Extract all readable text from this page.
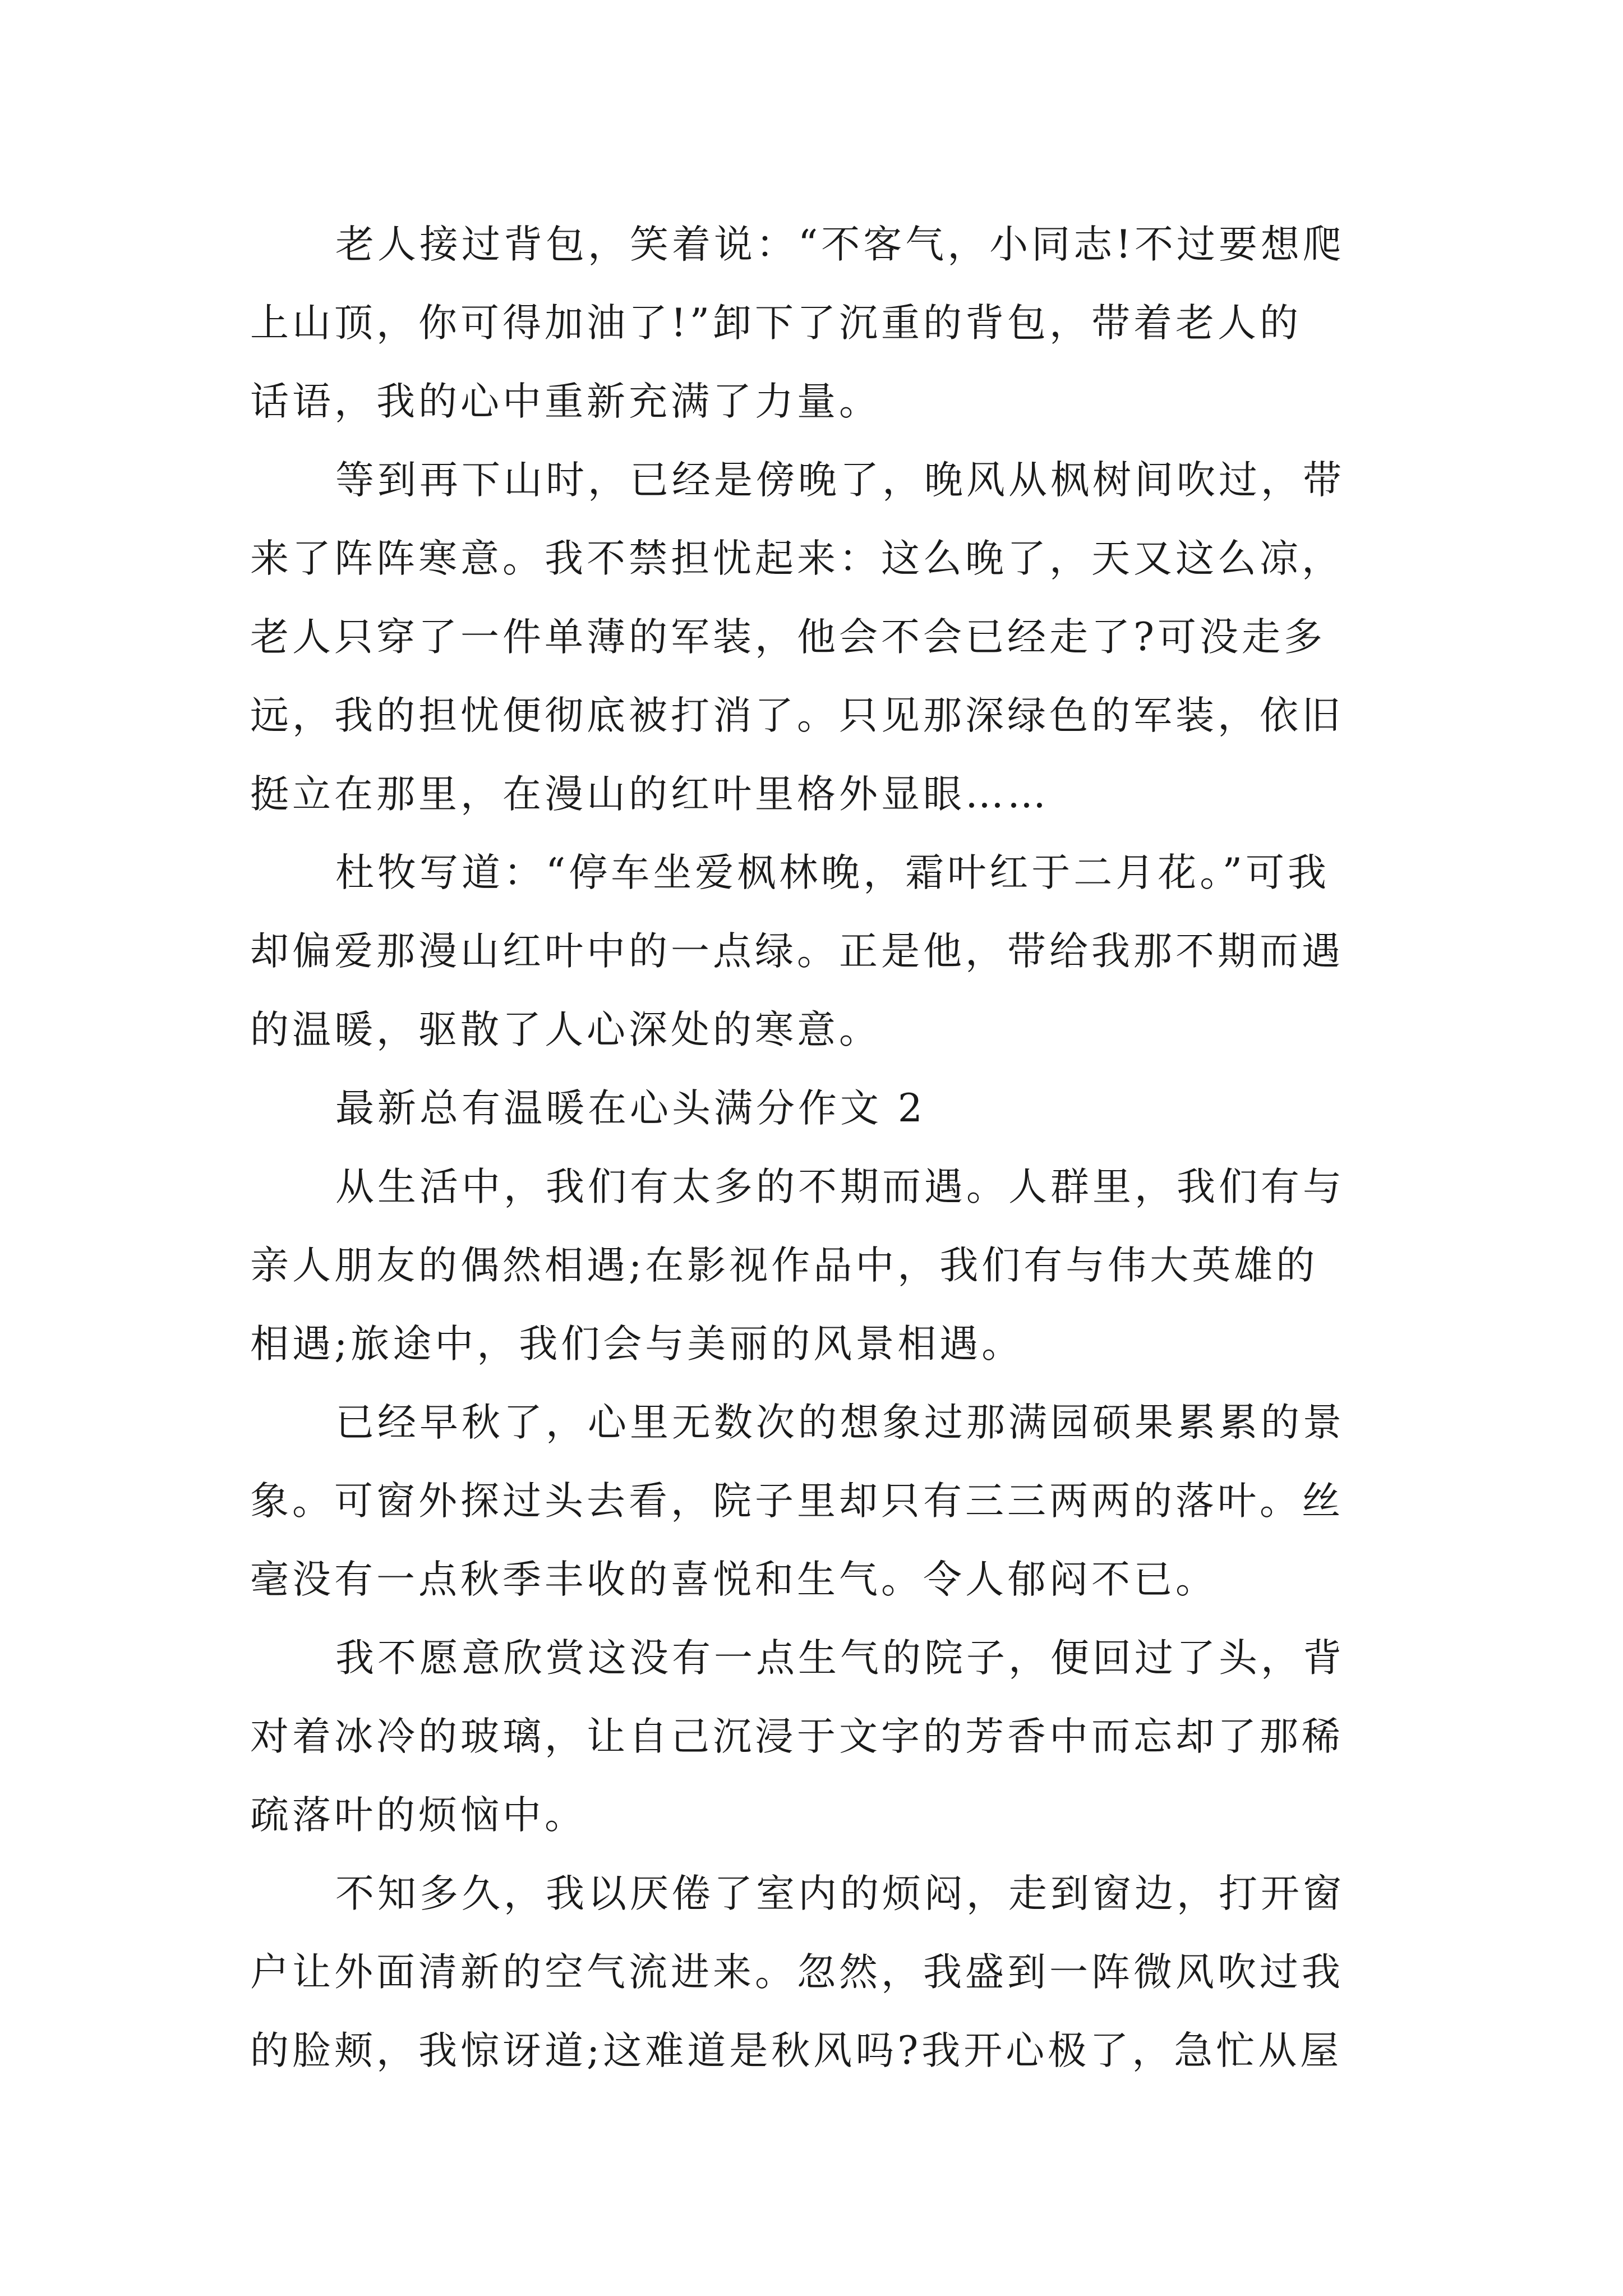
老人接过背包，笑着说：“不客气，小同志!不过要想爬
上山顶，你可得加油了!”卸下了沉重的背包，带着老人的
话语，我的心中重新充满了力量。
等到再下山时，已经是傍晚了，晚风从枫树间吹过，带
来了阵阵寒意。我不禁担忧起来：这么晚了，天又这么凉，
老人只穿了一件单薄的军装，他会不会已经走了?可没走多
远，我的担忧便彻底被打消了。只见那深绿色的军装，依旧
挺立在那里，在漫山的红叶里格外显眼……
杜牧写道：“停车坐爱枫林晚，霜叶红于二月花。”可我
却偏爱那漫山红叶中的一点绿。正是他，带给我那不期而遇
的温暖，驱散了人心深处的寒意。
最新总有温暖在心头满分作文 2
从生活中，我们有太多的不期而遇。人群里，我们有与
亲人朋友的偶然相遇;在影视作品中，我们有与伟大英雄的
相遇;旅途中，我们会与美丽的风景相遇。
已经早秋了，心里无数次的想象过那满园硕果累累的景
象。可窗外探过头去看，院子里却只有三三两两的落叶。丝
毫没有一点秋季丰收的喜悦和生气。令人郁闷不已。
我不愿意欣赏这没有一点生气的院子，便回过了头，背
对着冰冷的玻璃，让自己沉浸于文字的芳香中而忘却了那稀
疏落叶的烦恼中。
不知多久，我以厌倦了室内的烦闷，走到窗边，打开窗
户让外面清新的空气流进来。忽然，我盛到一阵微风吹过我
的脸颊，我惊讶道;这难道是秋风吗?我开心极了，急忙从屋
